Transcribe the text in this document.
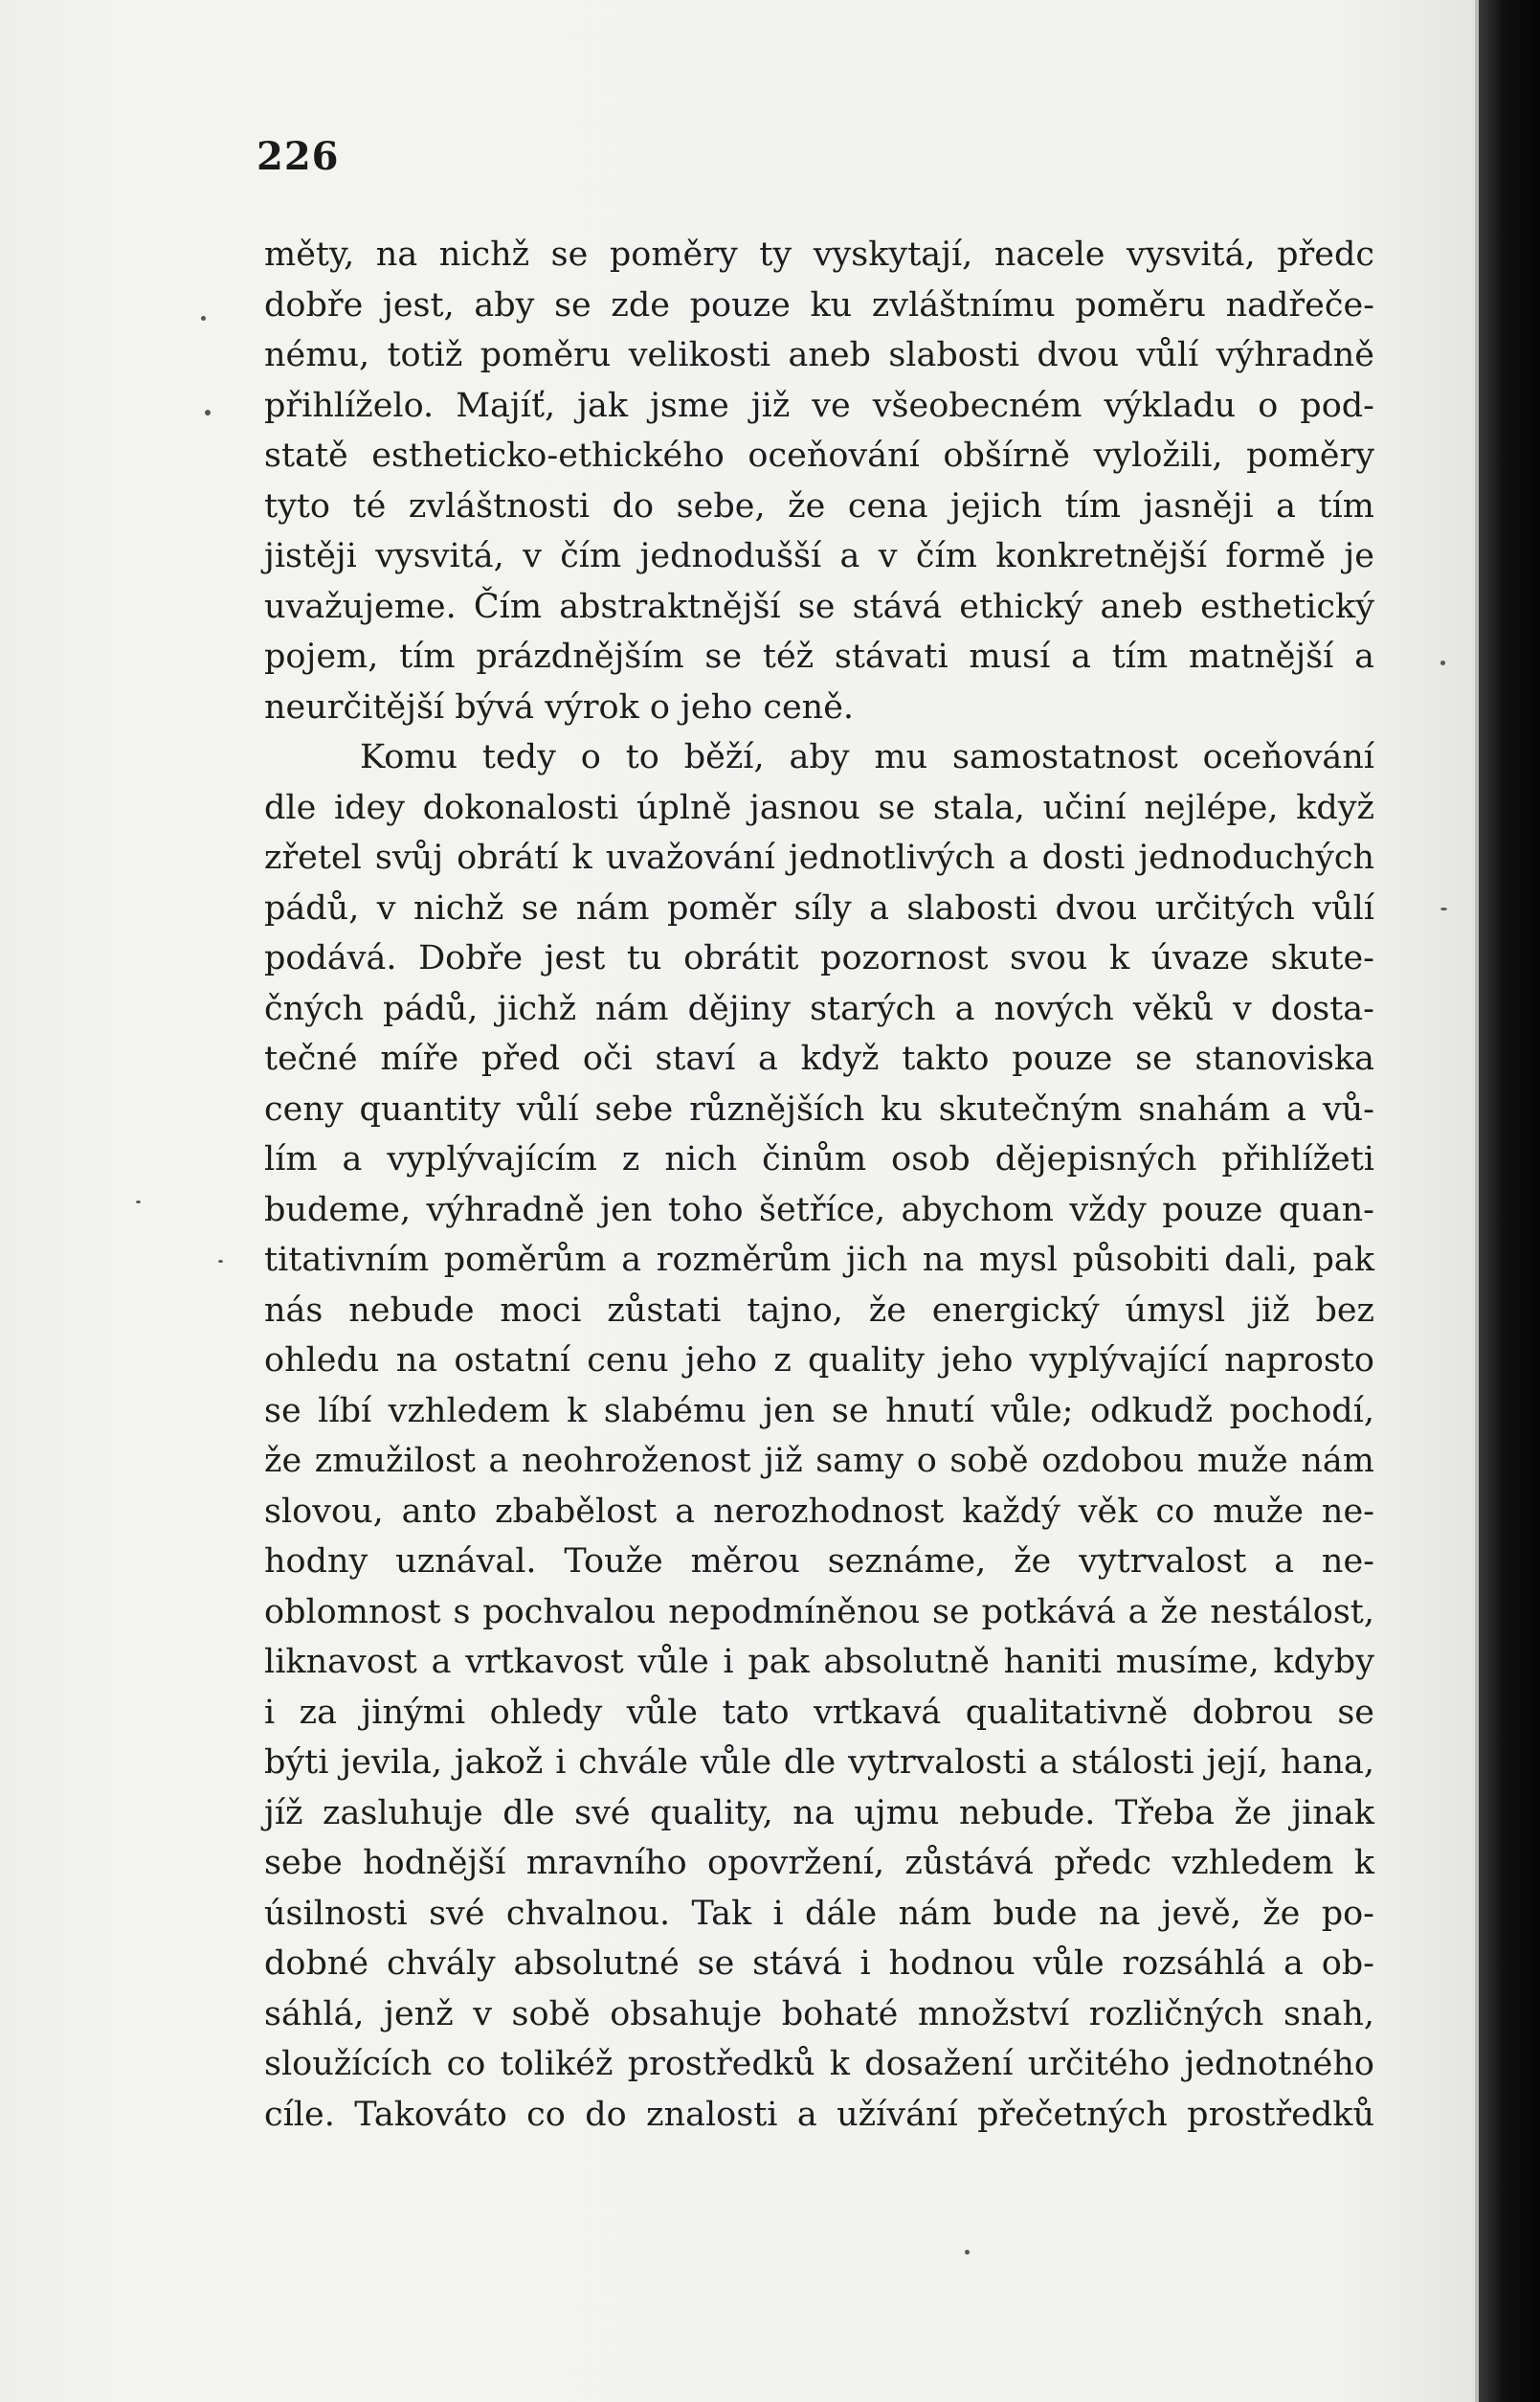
226
měty, na nichž se poměry ty vyskytají, nacele vysvitá, předc
dobře jest, aby se zde pouze ku zvláštnímu poměru nadřeče-
nému, totiž poměru velikosti aneb slabosti dvou vůlí výhradně
přihlíželo. Majíť, jak jsme již ve všeobecném výkladu o pod-
statě estheticko-ethického oceňování obšírně vyložili, poměry
tyto té zvláštnosti do sebe, že cena jejich tím jasněji a tím
jistěji vysvitá, v čím jednodušší a v čím konkretnější formě je
uvažujeme. Čím abstraktnější se stává ethický aneb esthetický
pojem, tím prázdnějším se též stávati musí a tím matnější a
neurčitější bývá výrok o jeho ceně.
Komu tedy o to běží, aby mu samostatnost oceňování
dle idey dokonalosti úplně jasnou se stala, učiní nejlépe, když
zřetel svůj obrátí k uvažování jednotlivých a dosti jednoduchých
pádů, v nichž se nám poměr síly a slabosti dvou určitých vůlí
podává. Dobře jest tu obrátit pozornost svou k úvaze skute-
čných pádů, jichž nám dějiny starých a nových věků v dosta-
tečné míře před oči staví a když takto pouze se stanoviska
ceny quantity vůlí sebe různějších ku skutečným snahám a vů-
lím a vyplývajícím z nich činům osob dějepisných přihlížeti
budeme, výhradně jen toho šetříce, abychom vždy pouze quan-
titativním poměrům a rozměrům jich na mysl působiti dali, pak
nás nebude moci zůstati tajno, že energický úmysl již bez
ohledu na ostatní cenu jeho z quality jeho vyplývající naprosto
se líbí vzhledem k slabému jen se hnutí vůle; odkudž pochodí,
že zmužilost a neohroženost již samy o sobě ozdobou muže nám
slovou, anto zbabělost a nerozhodnost každý věk co muže ne-
hodny uznával. Touže měrou seznáme, že vytrvalost a ne-
oblomnost s pochvalou nepodmíněnou se potkává a že nestálost,
liknavost a vrtkavost vůle i pak absolutně haniti musíme, kdyby
i za jinými ohledy vůle tato vrtkavá qualitativně dobrou se
býti jevila, jakož i chvále vůle dle vytrvalosti a stálosti její, hana,
jíž zasluhuje dle své quality, na ujmu nebude. Třeba že jinak
sebe hodnější mravního opovržení, zůstává předc vzhledem k
úsilnosti své chvalnou. Tak i dále nám bude na jevě, že po-
dobné chvály absolutné se stává i hodnou vůle rozsáhlá a ob-
sáhlá, jenž v sobě obsahuje bohaté množství rozličných snah,
sloužících co tolikéž prostředků k dosažení určitého jednotného
cíle. Takováto co do znalosti a užívání přečetných prostředků
